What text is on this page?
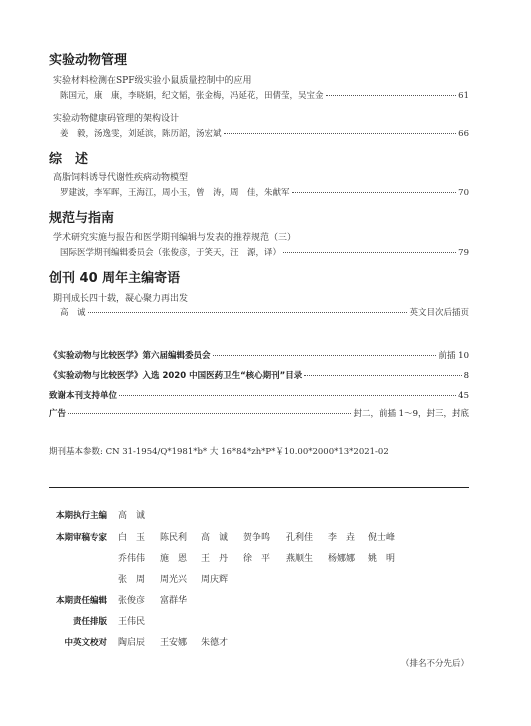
实验动物管理
实验材料检测在SPF级实验小鼠质量控制中的应用
陈国元，康　康，李晓娟，纪文韬，张金梅，冯延花，田倩莹，吴宝金	61
实验动物健康码管理的架构设计
姜　毅，汤逸雯，刘延滨，陈历詔，汤宏斌	66
综　述
高脂饲料诱导代谢性疾病动物模型
罗建波，李军晖，王海江，周小玉，曾　涛，周　佳，朱献军	70
规范与指南
学术研究实施与报告和医学期刊编辑与发表的推荐规范（三）
国际医学期刊编辑委员会（张俊彦，于笑天，汪　源，译）	79
创刊 40 周年主编寄语
期刊成长四十载，凝心聚力再出发
高　诚	英文目次后插页
《实验动物与比较医学》第六届编辑委员会	前插 10
《实验动物与比较医学》入选 2020 中国医药卫生“核心期刊”目录	8
致谢本刊支持单位	45
广告	封二，前插 1～9，封三，封底
期刊基本参数: CN 31-1954/Q*1981*b* 大 16*84*zh*P*￥10.00*2000*13*2021-02
本期执行主编 高　诚
本期审稿专家 白　玉 陈民利 高　诚 贺争鸣 孔利佳 李　垚 倪士峰
乔伟伟 施　恩 王　丹 徐　平 燕顺生 杨娜娜 姚　明
张　周 周光兴 周庆辉
本期责任编辑 张俊彦 富群华
责任排版 王伟民
中英文校对 陶启辰 王安娜 朱德才
（排名不分先后）
